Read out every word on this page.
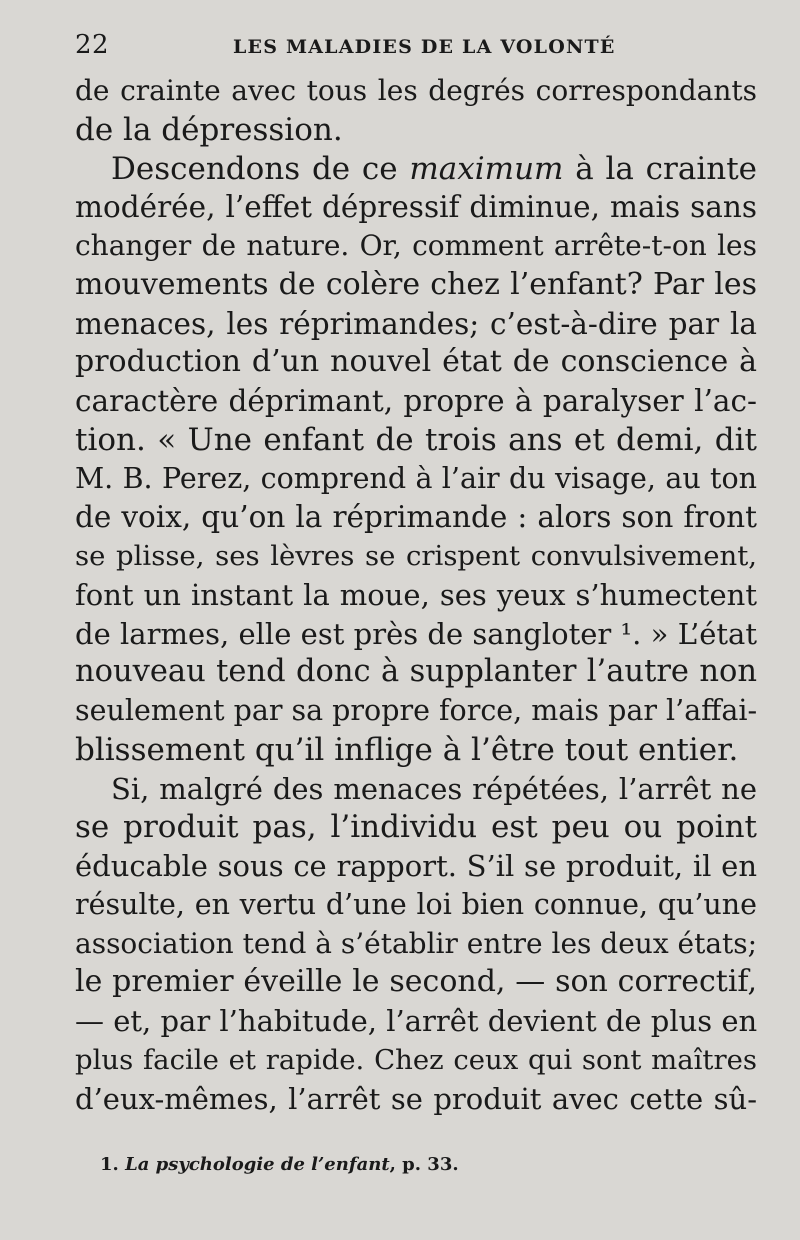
22	LES MALADIES DE LA VOLONTÉ
de crainte avec tous les degrés correspondants
de la dépression.
Descendons de ce maximum à la crainte
modérée, l’effet dépressif diminue, mais sans
changer de nature. Or, comment arrête-t-on les
mouvements de colère chez l’enfant? Par les
menaces, les réprimandes; c’est-à-dire par la
production d’un nouvel état de conscience à
caractère déprimant, propre à paralyser l’ac-
tion. « Une enfant de trois ans et demi, dit
M. B. Perez, comprend à l’air du visage, au ton
de voix, qu’on la réprimande : alors son front
se plisse, ses lèvres se crispent convulsivement,
font un instant la moue, ses yeux s’humectent
de larmes, elle est près de sangloter ¹. » L’état
nouveau tend donc à supplanter l’autre non
seulement par sa propre force, mais par l’affai-
blissement qu’il inflige à l’être tout entier.
Si, malgré des menaces répétées, l’arrêt ne
se produit pas, l’individu est peu ou point
éducable sous ce rapport. S’il se produit, il en
résulte, en vertu d’une loi bien connue, qu’une
association tend à s’établir entre les deux états;
le premier éveille le second, — son correctif,
— et, par l’habitude, l’arrêt devient de plus en
plus facile et rapide. Chez ceux qui sont maîtres
d’eux-mêmes, l’arrêt se produit avec cette sû-
1. La psychologie de l’enfant, p. 33.
